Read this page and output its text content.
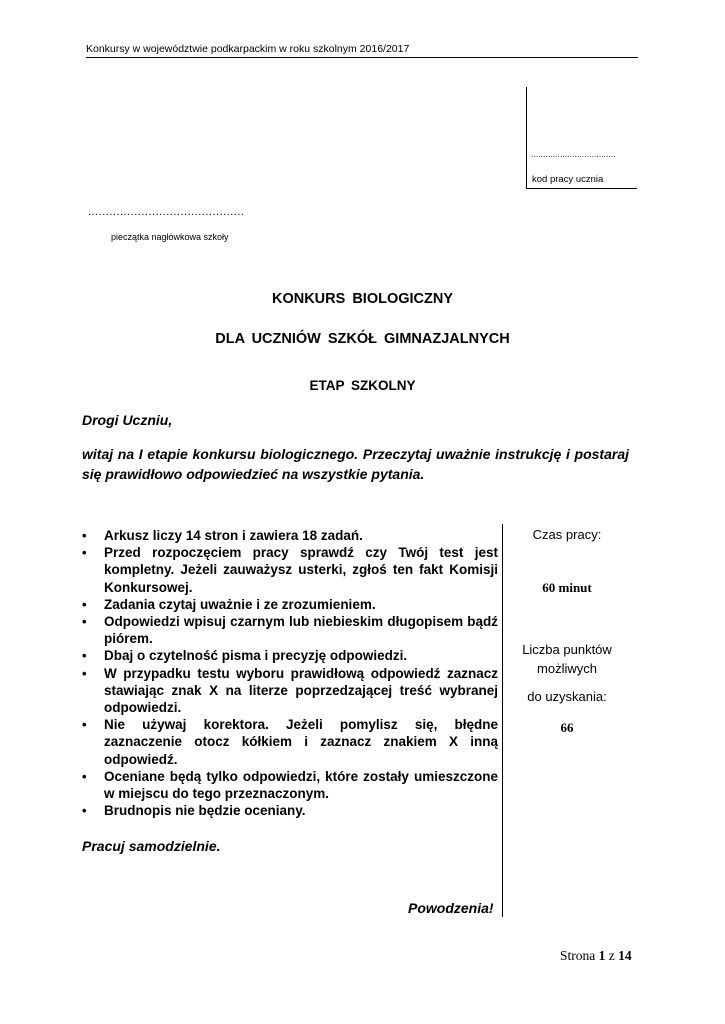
Konkursy w województwie podkarpackim w roku szkolnym 2016/2017
...................................
kod pracy ucznia
............................................
pieczątka nagłówkowa szkoły
KONKURS BIOLOGICZNY
DLA UCZNIÓW SZKÓŁ GIMNAZJALNYCH
ETAP SZKOLNY
Drogi Uczniu,
witaj na I etapie konkursu biologicznego. Przeczytaj uważnie instrukcję i postaraj się prawidłowo odpowiedzieć na wszystkie pytania.
• Arkusz liczy 14 stron i zawiera 18 zadań.
• Przed rozpoczęciem pracy sprawdź czy Twój test jest kompletny. Jeżeli zauważysz usterki, zgłoś ten fakt Komisji Konkursowej.
• Zadania czytaj uważnie i ze zrozumieniem.
• Odpowiedzi wpisuj czarnym lub niebieskim długopisem bądź piórem.
• Dbaj o czytelność pisma i precyzję odpowiedzi.
• W przypadku testu wyboru prawidłową odpowiedź zaznacz stawiając znak X na literze poprzedzającej treść wybranej odpowiedzi.
• Nie używaj korektora. Jeżeli pomylisz się, błędne zaznaczenie otocz kółkiem i zaznacz znakiem X inną odpowiedź.
• Oceniane będą tylko odpowiedzi, które zostały umieszczone w miejscu do tego przeznaczonym.
• Brudnopis nie będzie oceniany.
Czas pracy:
60 minut
Liczba punktów możliwych
do uzyskania:
66
Pracuj samodzielnie.
Powodzenia!
Strona 1 z 14
